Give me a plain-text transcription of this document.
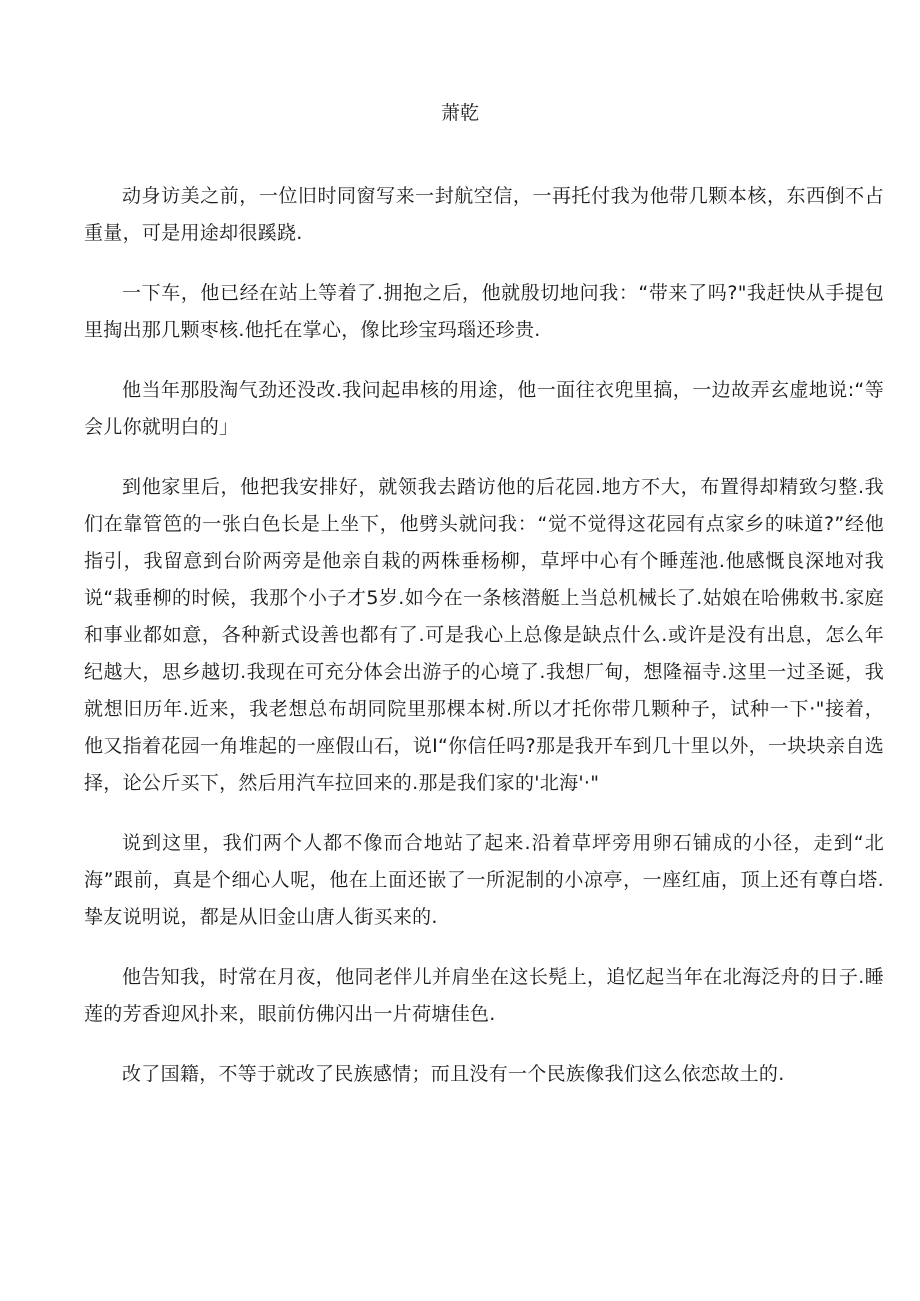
萧乾

动身访美之前，一位旧时同窗写来一封航空信，一再托付我为他带几颗本核，东西倒不占重量，可是用途却很蹊跷.

一下车，他已经在站上等着了.拥抱之后，他就殷切地问我：“带来了吗?"我赶快从手提包里掏出那几颗枣核.他托在掌心，像比珍宝玛瑙还珍贵.

他当年那股淘气劲还没改.我问起串核的用途，他一面往衣兜里搞，一边故弄玄虚地说:“等会儿你就明白的」

到他家里后，他把我安排好，就领我去踏访他的后花园.地方不大，布置得却精致匀整.我们在靠管笆的一张白色长是上坐下，他劈头就问我：“觉不觉得这花园有点家乡的味道?”经他指引，我留意到台阶两旁是他亲自栽的两株垂杨柳，草坪中心有个睡莲池.他感慨良深地对我说“栽垂柳的时候，我那个小子才5岁.如今在一条核潜艇上当总机械长了.姑娘在哈佛敕书.家庭和事业都如意，各种新式设善也都有了.可是我心上总像是缺点什么.或许是没有出息，怎么年纪越大，思乡越切.我现在可充分体会出游子的心境了.我想厂甸，想隆福寺.这里一过圣诞，我就想旧历年.近来，我老想总布胡同院里那棵本树.所以才托你带几颗种子，试种一下·"接着，他又指着花园一角堆起的一座假山石，说I“你信任吗?那是我开车到几十里以外，一块块亲自选择，论公斤买下，然后用汽车拉回来的.那是我们家的'北海'·"

说到这里，我们两个人都不像而合地站了起来.沿着草坪旁用卵石铺成的小径，走到“北海”跟前，真是个细心人呢，他在上面还嵌了一所泥制的小凉亭，一座红庙，顶上还有尊白塔.挚友说明说，都是从旧金山唐人街买来的.

他告知我，时常在月夜，他同老伴儿并肩坐在这长髡上，追忆起当年在北海泛舟的日子.睡莲的芳香迎风扑来，眼前仿佛闪出一片荷塘佳色.

改了国籍，不等于就改了民族感情；而且没有一个民族像我们这么依恋故土的.
